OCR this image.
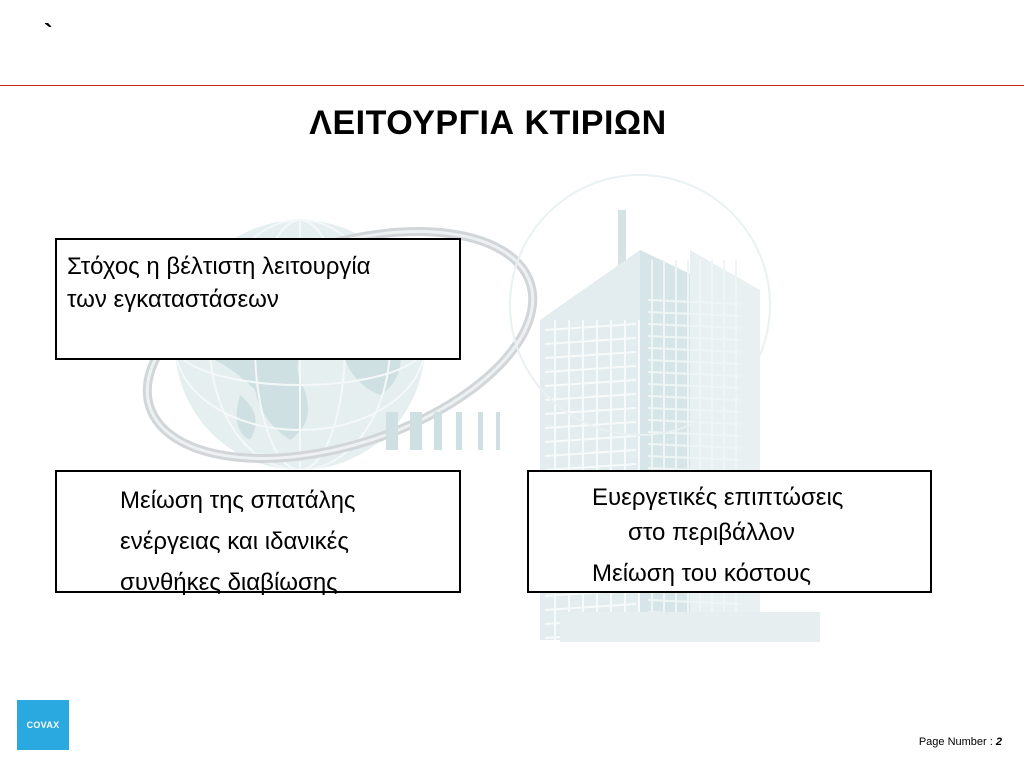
`
ΛΕΙΤΟΥΡΓΙΑ ΚΤΙΡΙΩΝ
Στόχος η βέλτιστη λειτουργία
των εγκαταστάσεων
Μείωση της σπατάλης
ενέργειας και ιδανικές
συνθήκες διαβίωσης
Ευεργετικές επιπτώσεις
στο περιβάλλον
Μείωση του κόστους
COVAX
Page Number : 2
